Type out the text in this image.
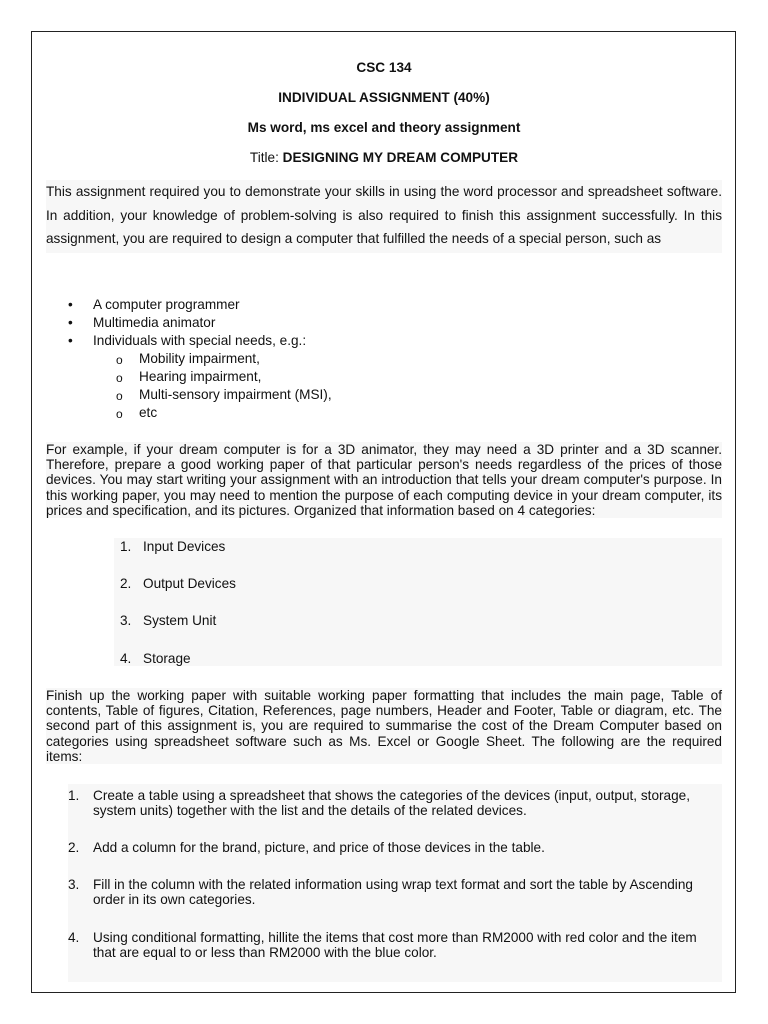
CSC 134
INDIVIDUAL ASSIGNMENT (40%)
Ms word, ms excel and theory assignment
Title: DESIGNING MY DREAM COMPUTER
This assignment required you to demonstrate your skills in using the word processor and spreadsheet software. In addition, your knowledge of problem-solving is also required to finish this assignment successfully. In this assignment, you are required to design a computer that fulfilled the needs of a special person, such as
• A computer programmer
• Multimedia animator
• Individuals with special needs, e.g.:
o Mobility impairment,
o Hearing impairment,
o Multi-sensory impairment (MSI),
o etc
For example, if your dream computer is for a 3D animator, they may need a 3D printer and a 3D scanner. Therefore, prepare a good working paper of that particular person's needs regardless of the prices of those devices. You may start writing your assignment with an introduction that tells your dream computer's purpose. In this working paper, you may need to mention the purpose of each computing device in your dream computer, its prices and specification, and its pictures. Organized that information based on 4 categories:
1. Input Devices
2. Output Devices
3. System Unit
4. Storage
Finish up the working paper with suitable working paper formatting that includes the main page, Table of contents, Table of figures, Citation, References, page numbers, Header and Footer, Table or diagram, etc. The second part of this assignment is, you are required to summarise the cost of the Dream Computer based on categories using spreadsheet software such as Ms. Excel or Google Sheet. The following are the required items:
1. Create a table using a spreadsheet that shows the categories of the devices (input, output, storage, system units) together with the list and the details of the related devices.
2. Add a column for the brand, picture, and price of those devices in the table.
3. Fill in the column with the related information using wrap text format and sort the table by Ascending order in its own categories.
4. Using conditional formatting, hillite the items that cost more than RM2000 with red color and the item that are equal to or less than RM2000 with the blue color.
